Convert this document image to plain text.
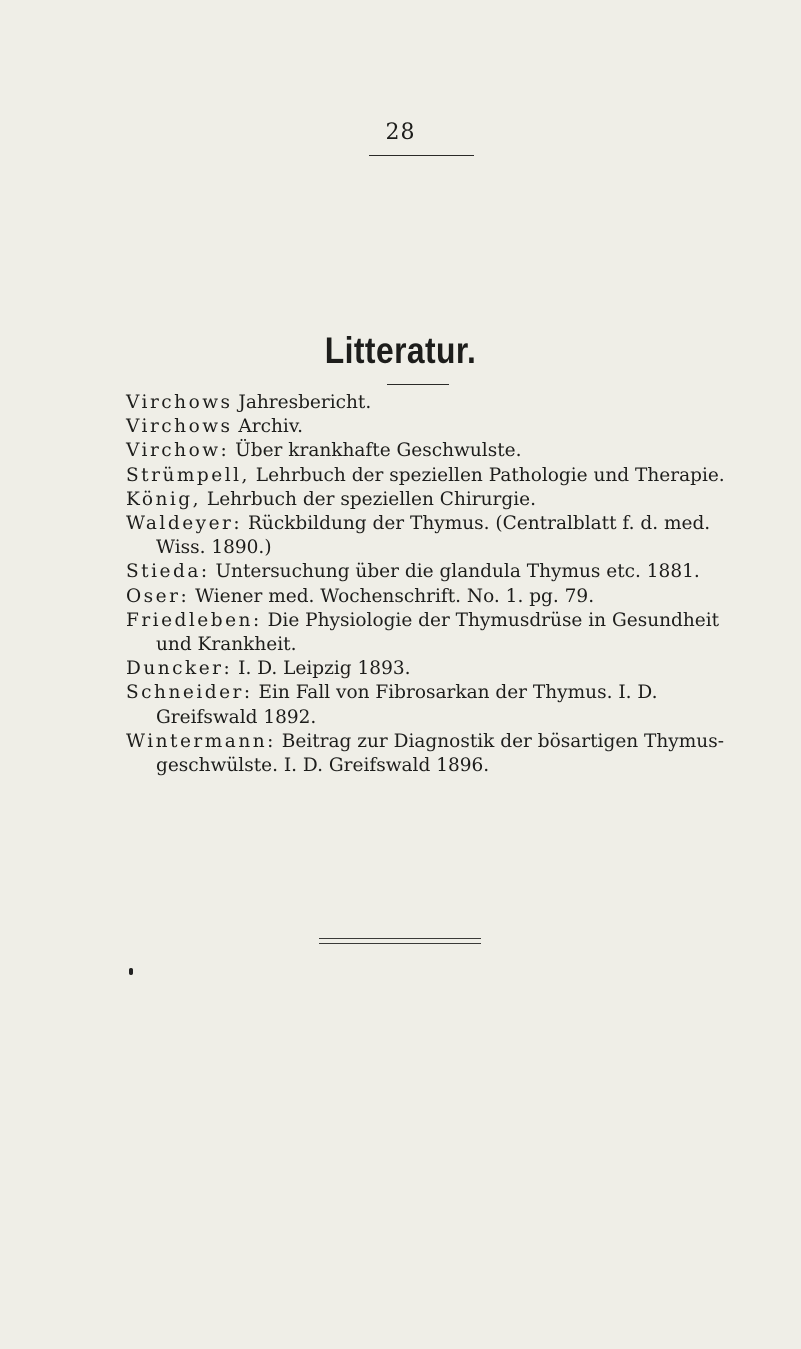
28
Litteratur.
Virchows Jahresbericht.
Virchows Archiv.
Virchow: Über krankhafte Geschwulste.
Strümpell, Lehrbuch der speziellen Pathologie und Therapie.
König, Lehrbuch der speziellen Chirurgie.
Waldeyer: Rückbildung der Thymus. (Centralblatt f. d. med.
Wiss. 1890.)
Stieda: Untersuchung über die glandula Thymus etc. 1881.
Oser: Wiener med. Wochenschrift. No. 1. pg. 79.
Friedleben: Die Physiologie der Thymusdrüse in Gesundheit
und Krankheit.
Duncker: I. D. Leipzig 1893.
Schneider: Ein Fall von Fibrosarkan der Thymus. I. D.
Greifswald 1892.
Wintermann: Beitrag zur Diagnostik der bösartigen Thymus-
geschwülste. I. D. Greifswald 1896.
